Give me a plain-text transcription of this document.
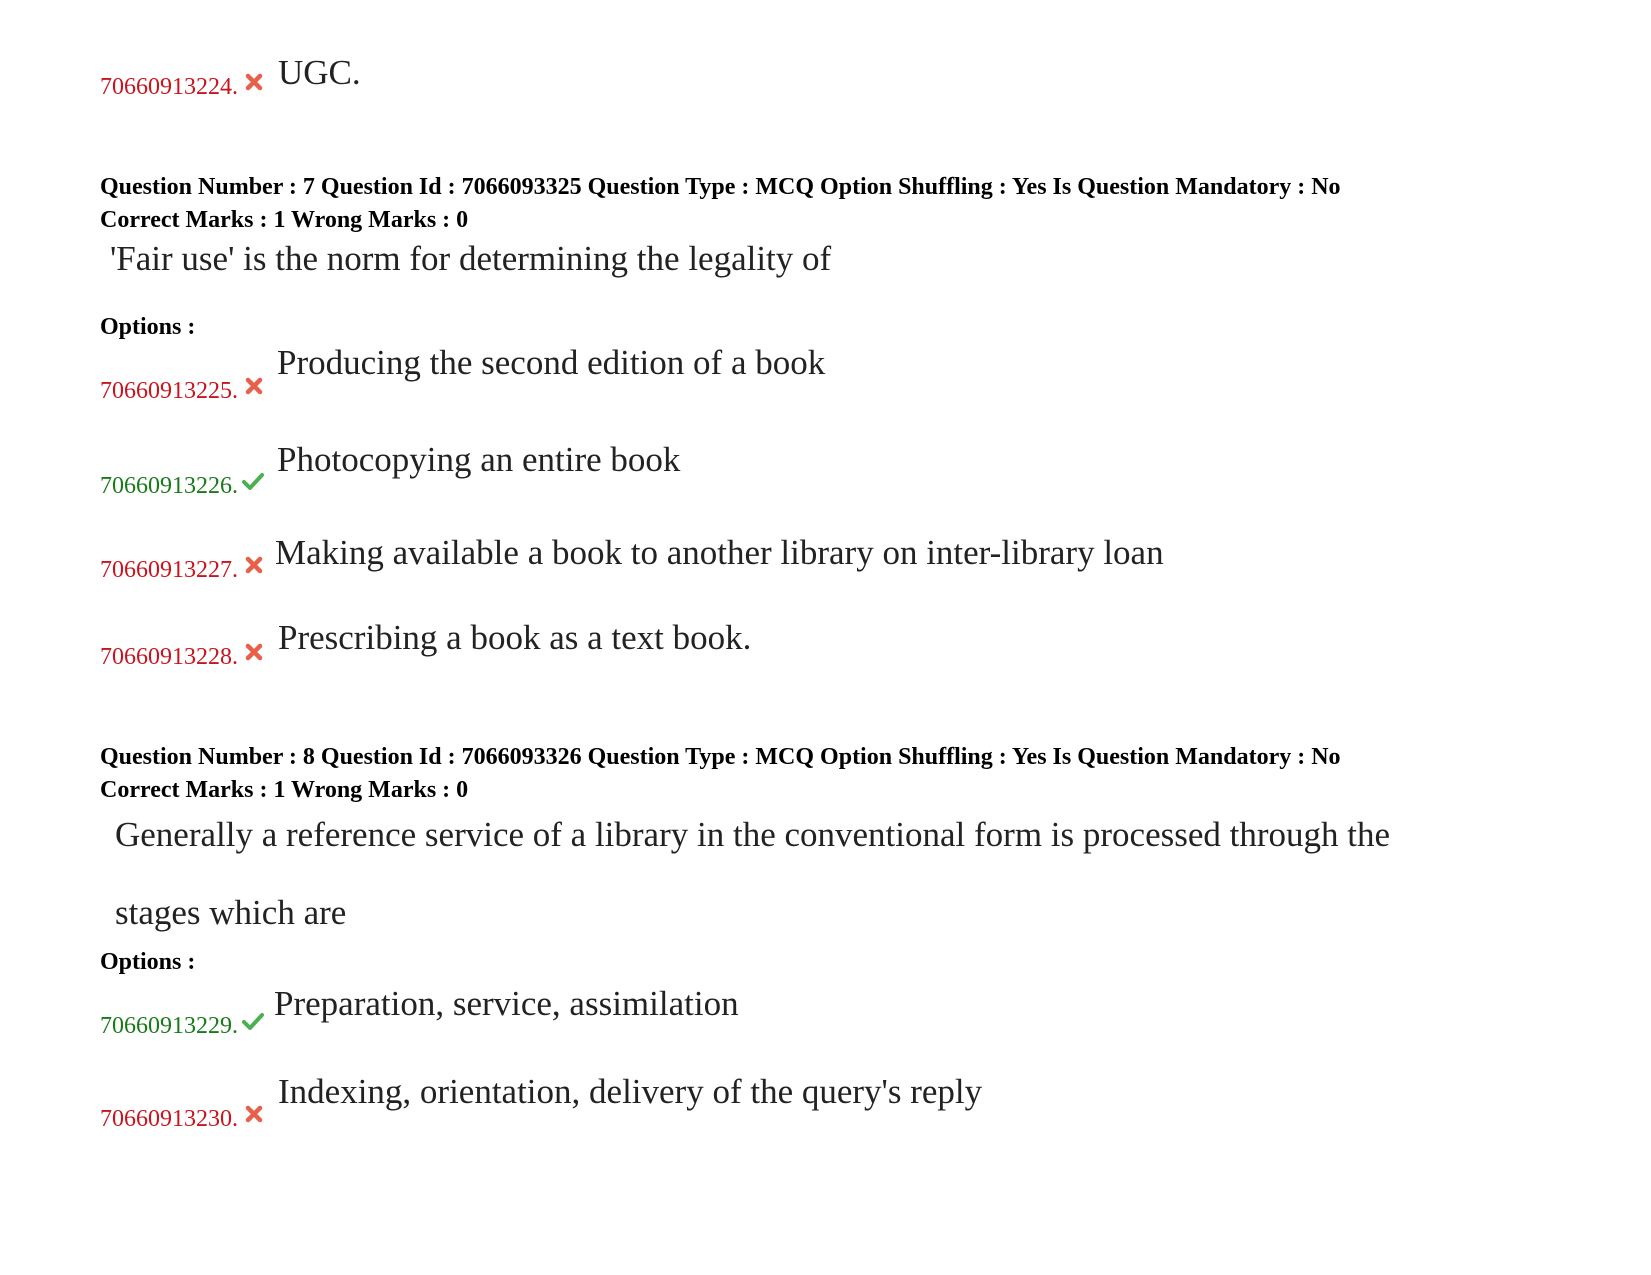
70660913224. UGC.
Question Number : 7 Question Id : 7066093325 Question Type : MCQ Option Shuffling : Yes Is Question Mandatory : No
Correct Marks : 1 Wrong Marks : 0
'Fair use' is the norm for determining the legality of
Options :
70660913225.
Producing the second edition of a book
70660913226.
Photocopying an entire book
70660913227. Making available a book to another library on inter-library loan
70660913228. Prescribing a book as a text book.
Question Number : 8 Question Id : 7066093326 Question Type : MCQ Option Shuffling : Yes Is Question Mandatory : No
Correct Marks : 1 Wrong Marks : 0
Generally a reference service of a library in the conventional form is processed through the
stages which are
Options :
70660913229.
Preparation, service, assimilation
70660913230.
Indexing, orientation, delivery of the query's reply
